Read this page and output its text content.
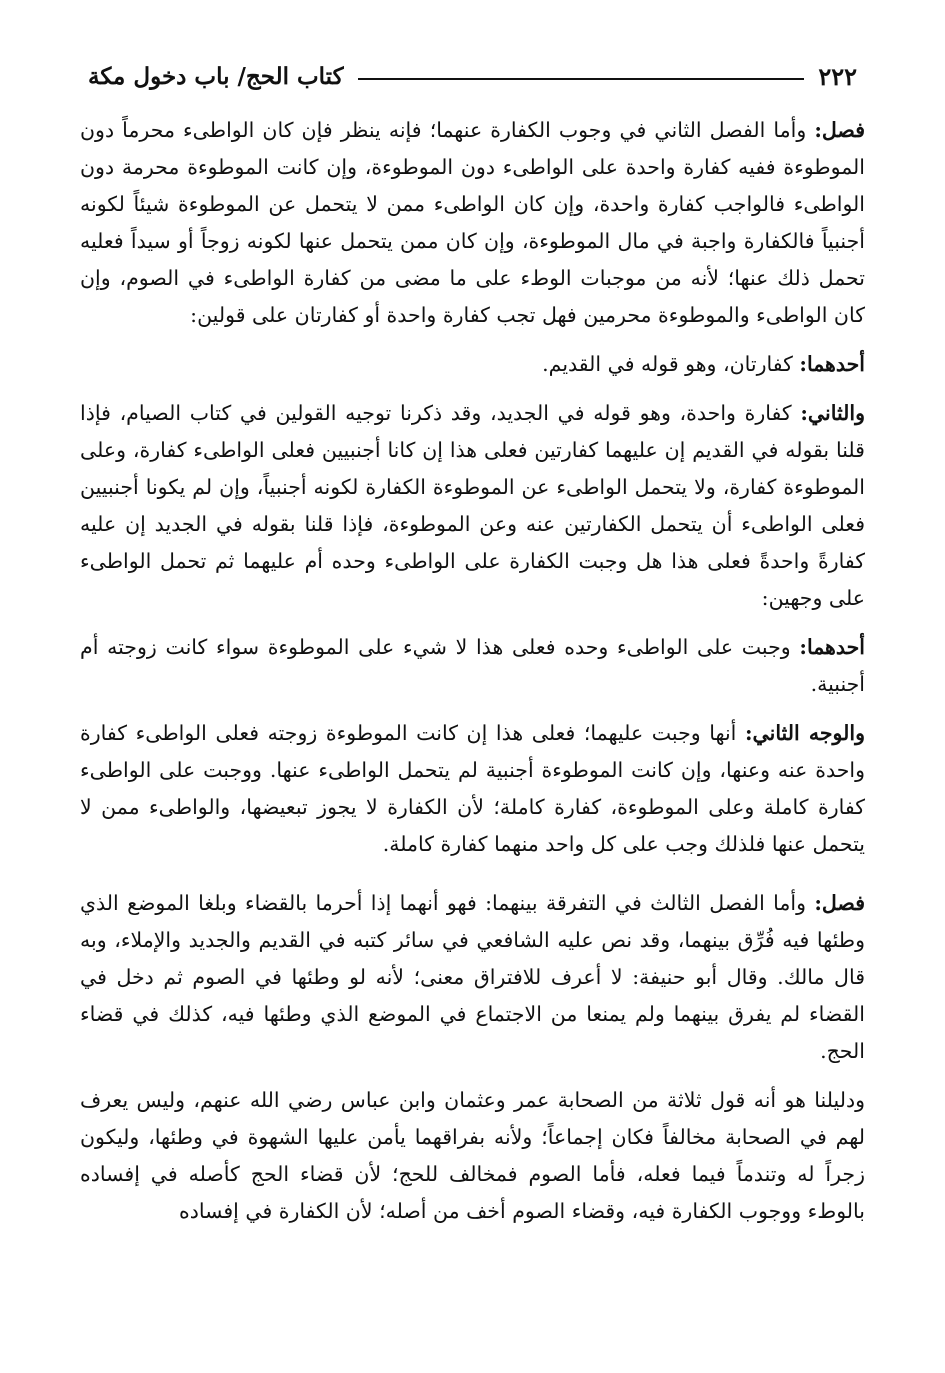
٢٢٢
كتاب الحج/ باب دخول مكة

فصل: وأما الفصل الثاني في وجوب الكفارة عنهما؛ فإنه ينظر فإن كان الواطىء محرماً دون الموطوءة ففيه كفارة واحدة على الواطىء دون الموطوءة، وإن كانت الموطوءة محرمة دون الواطىء فالواجب كفارة واحدة، وإن كان الواطىء ممن لا يتحمل عن الموطوءة شيئاً لكونه أجنبياً فالكفارة واجبة في مال الموطوءة، وإن كان ممن يتحمل عنها لكونه زوجاً أو سيداً فعليه تحمل ذلك عنها؛ لأنه من موجبات الوطء على ما مضى من كفارة الواطىء في الصوم، وإن كان الواطىء والموطوءة محرمين فهل تجب كفارة واحدة أو كفارتان على قولين:

أحدهما: كفارتان، وهو قوله في القديم.

والثاني: كفارة واحدة، وهو قوله في الجديد، وقد ذكرنا توجيه القولين في كتاب الصيام، فإذا قلنا بقوله في القديم إن عليهما كفارتين فعلى هذا إن كانا أجنبيين فعلى الواطىء كفارة، وعلى الموطوءة كفارة، ولا يتحمل الواطىء عن الموطوءة الكفارة لكونه أجنبياً، وإن لم يكونا أجنبيين فعلى الواطىء أن يتحمل الكفارتين عنه وعن الموطوءة، فإذا قلنا بقوله في الجديد إن عليه كفارةً واحدةً فعلى هذا هل وجبت الكفارة على الواطىء وحده أم عليهما ثم تحمل الواطىء على وجهين:

أحدهما: وجبت على الواطىء وحده فعلى هذا لا شيء على الموطوءة سواء كانت زوجته أم أجنبية.

والوجه الثاني: أنها وجبت عليهما؛ فعلى هذا إن كانت الموطوءة زوجته فعلى الواطىء كفارة واحدة عنه وعنها، وإن كانت الموطوءة أجنبية لم يتحمل الواطىء عنها. ووجبت على الواطىء كفارة كاملة وعلى الموطوءة، كفارة كاملة؛ لأن الكفارة لا يجوز تبعيضها، والواطىء ممن لا يتحمل عنها فلذلك وجب على كل واحد منهما كفارة كاملة.

فصل: وأما الفصل الثالث في التفرقة بينهما: فهو أنهما إذا أحرما بالقضاء وبلغا الموضع الذي وطئها فيه فُرِّق بينهما، وقد نص عليه الشافعي في سائر كتبه في القديم والجديد والإملاء، وبه قال مالك. وقال أبو حنيفة: لا أعرف للافتراق معنى؛ لأنه لو وطئها في الصوم ثم دخل في القضاء لم يفرق بينهما ولم يمنعا من الاجتماع في الموضع الذي وطئها فيه، كذلك في قضاء الحج.

ودليلنا هو أنه قول ثلاثة من الصحابة عمر وعثمان وابن عباس رضي الله عنهم، وليس يعرف لهم في الصحابة مخالفاً فكان إجماعاً؛ ولأنه بفراقهما يأمن عليها الشهوة في وطئها، وليكون زجراً له وتندماً فيما فعله، فأما الصوم فمخالف للحج؛ لأن قضاء الحج كأصله في إفساده بالوطء ووجوب الكفارة فيه، وقضاء الصوم أخف من أصله؛ لأن الكفارة في إفساده
